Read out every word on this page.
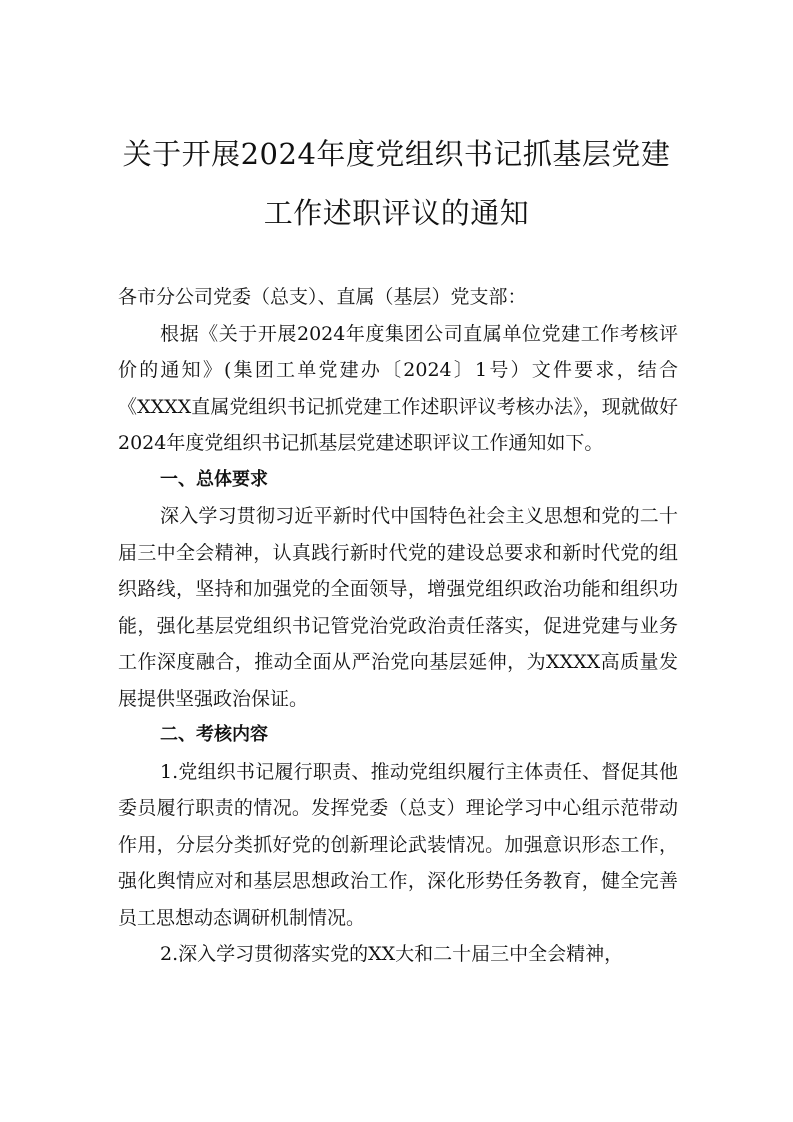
关于开展2024年度党组织书记抓基层党建
工作述职评议的通知

各市分公司党委（总支）、直属（基层）党支部：

根据《关于开展2024年度集团公司直属单位党建工作考核评价的通知》(集团工单党建办〔2024〕1号）文件要求，结合《XXXX直属党组织书记抓党建工作述职评议考核办法》，现就做好2024年度党组织书记抓基层党建述职评议工作通知如下。

一、总体要求

深入学习贯彻习近平新时代中国特色社会主义思想和党的二十届三中全会精神，认真践行新时代党的建设总要求和新时代党的组织路线，坚持和加强党的全面领导，增强党组织政治功能和组织功能，强化基层党组织书记管党治党政治责任落实，促进党建与业务工作深度融合，推动全面从严治党向基层延伸，为XXXX高质量发展提供坚强政治保证。

二、考核内容

1.党组织书记履行职责、推动党组织履行主体责任、督促其他委员履行职责的情况。发挥党委（总支）理论学习中心组示范带动作用，分层分类抓好党的创新理论武装情况。加强意识形态工作，强化舆情应对和基层思想政治工作，深化形势任务教育，健全完善员工思想动态调研机制情况。

2.深入学习贯彻落实党的XX大和二十届三中全会精神，
